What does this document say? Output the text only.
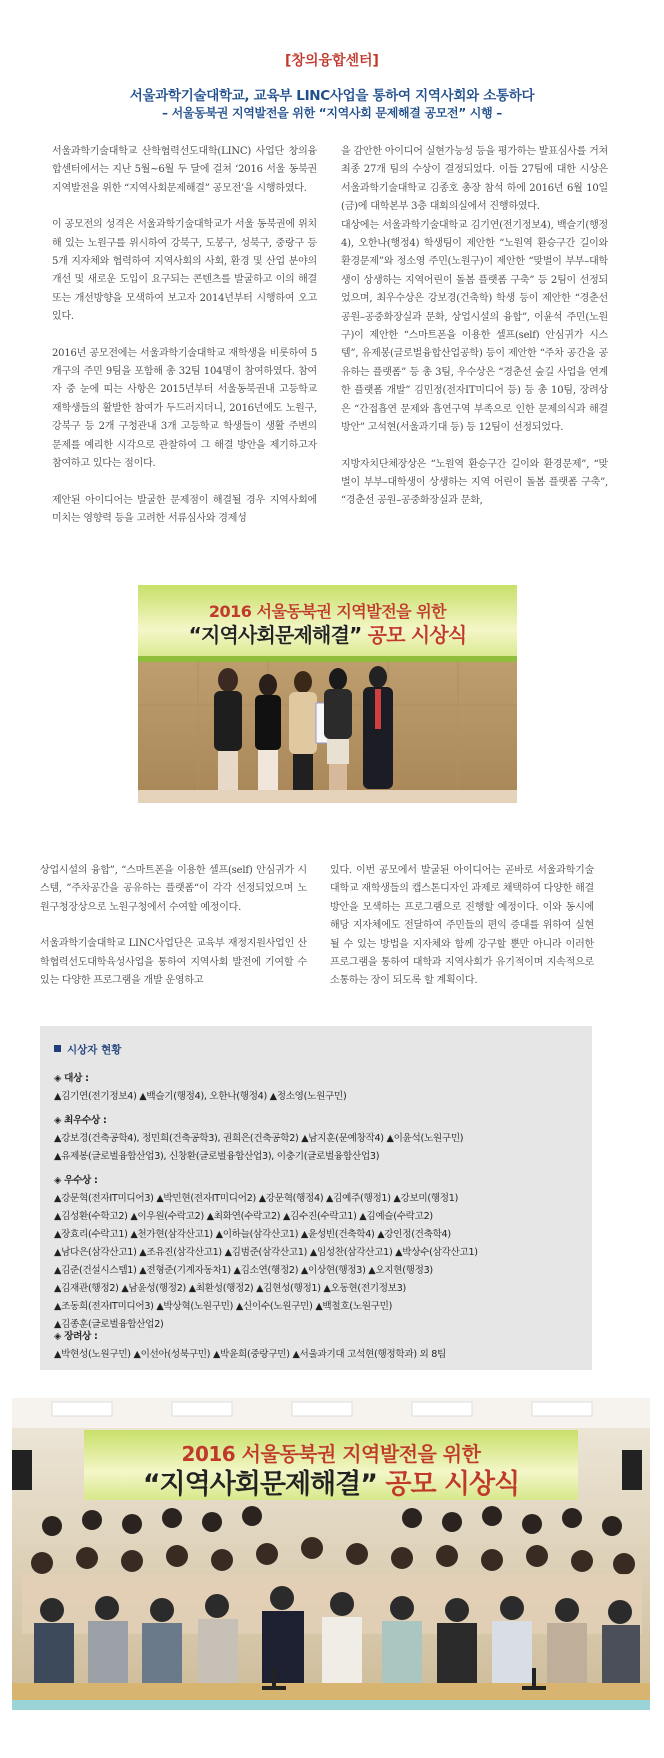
[창의융합센터]
서울과학기술대학교, 교육부 LINC사업을 통하여 지역사회와 소통하다
– 서울동북권 지역발전을 위한 “지역사회 문제해결 공모전” 시행 –

서울과학기술대학교 산학협력선도대학(LINC) 사업단 창의융합센터에서는 지난 5월~6월 두 달에 걸쳐 ‘2016 서울 동북권 지역발전을 위한 “지역사회문제해결” 공모전’을 시행하였다.

이 공모전의 성격은 서울과학기술대학교가 서울 동북권에 위치해 있는 노원구를 위시하여 강북구, 도봉구, 성북구, 중랑구 등 5개 지자체와 협력하여 지역사회의 사회, 환경 및 산업 분야의 개선 및 새로운 도입이 요구되는 콘텐츠를 발굴하고 이의 해결 또는 개선방향을 모색하여 보고자 2014년부터 시행하여 오고 있다.

2016년 공모전에는 서울과학기술대학교 재학생을 비롯하여 5개구의 주민 9팀을 포함해 총 32팀 104명이 참여하였다. 참여자 중 눈에 띠는 사항은 2015년부터 서울동북권내 고등학교 재학생들의 활발한 참여가 두드러지더니, 2016년에도 노원구, 강북구 등 2개 구청관내 3개 고등학교 학생들이 생활 주변의 문제를 예리한 시각으로 관찰하여 그 해결 방안을 제기하고자 참여하고 있다는 점이다.

제안된 아이디어는 발굴한 문제점이 해결될 경우 지역사회에 미치는 영향력 등을 고려한 서류심사와 경제성

을 감안한 아이디어 실현가능성 등을 평가하는 발표심사를 거쳐 최종 27개 팀의 수상이 결정되었다. 이들 27팀에 대한 시상은 서울과학기술대학교 김종호 총장 참석 하에 2016년 6월 10일(금)에 대학본부 3층 대회의실에서 진행하였다.

대상에는 서울과학기술대학교 김기연(전기정보4), 백슬기(행정4), 오한나(행정4) 학생팀이 제안한 “노원역 환승구간 길이와 환경문제”와 정소영 주민(노원구)이 제안한 “맞벌이 부부–대학생이 상생하는 지역어린이 돌봄 플랫폼 구축” 등 2팀이 선정되었으며, 최우수상은 강보경(건축학) 학생 등이 제안한 “경춘선 공원–공중화장실과 문화, 상업시설의 융합”, 이윤석 주민(노원구)이 제안한 “스마트폰을 이용한 셀프(self) 안심귀가 시스템”, 유제봉(글로벌융합산업공학) 등이 제안한 “주차 공간을 공유하는 플랫폼” 등 총 3팀, 우수상은 “경춘선 숲길 사업을 연계한 플랫폼 개발” 김민정(전자IT미디어 등) 등 총 10팀, 장려상은 “간접흡연 문제와 흡연구역 부족으로 인한 문제의식과 해결방안” 고석현(서울과기대 등) 등 12팀이 선정되었다.

지방자치단체장상은 “노원역 환승구간 길이와 환경문제”, “맞벌이 부부–대학생이 상생하는 지역 어린이 돌봄 플랫폼 구축”, “경춘선 공원–공중화장실과 문화,

2016 서울동북권 지역발전을 위한
“지역사회문제해결” 공모 시상식

상업시설의 융합”, “스마트폰을 이용한 셀프(self) 안심귀가 시스템, ”주차공간을 공유하는 플랫폼“이 각각 선정되었으며 노원구청장상으로 노원구청에서 수여할 예정이다.

서울과학기술대학교 LINC사업단은 교육부 재정지원사업인 산학협력선도대학육성사업을 통하여 지역사회 발전에 기여할 수 있는 다양한 프로그램을 개발 운영하고

있다. 이번 공모에서 발굴된 아이디어는 곧바로 서울과학기술대학교 재학생들의 캡스톤디자인 과제로 채택하여 다양한 해결방안을 모색하는 프로그램으로 진행할 예정이다. 이와 동시에 해당 지자체에도 전달하여 주민들의 편익 증대를 위하여 실현될 수 있는 방법을 지자체와 함께 강구할 뿐만 아니라 이러한 프로그램을 통하여 대학과 지역사회가 유기적이며 지속적으로 소통하는 장이 되도록 할 계획이다.

시상자 현황
◈ 대상 :
▲김기연(전기정보4) ▲백슬기(행정4), 오한나(행정4) ▲정소영(노원구민)
◈ 최우수상 :
▲강보경(건축공학4), 정민희(건축공학3), 권희은(건축공학2) ▲남지훈(문예창작4) ▲이윤석(노원구민)
▲유제봉(글로벌융합산업3), 신창환(글로벌융합산업3), 이충기(글로벌융합산업3)
◈ 우수상 :
▲강문혁(전자IT미디어3) ▲박민현(전자IT미디어2) ▲강문혁(행정4) ▲김예주(행정1) ▲강보미(행정1)
▲김성환(수학고2) ▲이우원(수락고2) ▲최화연(수락고2) ▲김수진(수락고1) ▲김예슬(수락고2)
▲장효리(수락고1) ▲천가현(삼각산고1) ▲이하늘(삼각산고1) ▲윤성빈(건축학4) ▲강인정(건축학4)
▲남다은(삼각산고1) ▲조유진(삼각산고1) ▲김범준(삼각산고1) ▲임성찬(삼각산고1) ▲박상수(삼각산고1)
▲김준(건설시스템1) ▲전형준(기계자동차1) ▲김소연(행정2) ▲이상현(행정3) ▲오지현(행정3)
▲김재관(행정2) ▲남윤성(행정2) ▲최환성(행정2) ▲김현성(행정1) ▲오동현(전기정보3)
▲조동희(전자IT미디어3) ▲박상혁(노원구민) ▲신이수(노원구민) ▲백철호(노원구민)
▲김종훈(글로벌융합산업2)
◈ 장려상 :
▲박현성(노원구민) ▲이선아(성북구민) ▲박윤희(중랑구민) ▲서울과기대 고석현(행정학과) 외 8팀
2016 서울동북권 지역발전을 위한
“지역사회문제해결” 공모 시상식
